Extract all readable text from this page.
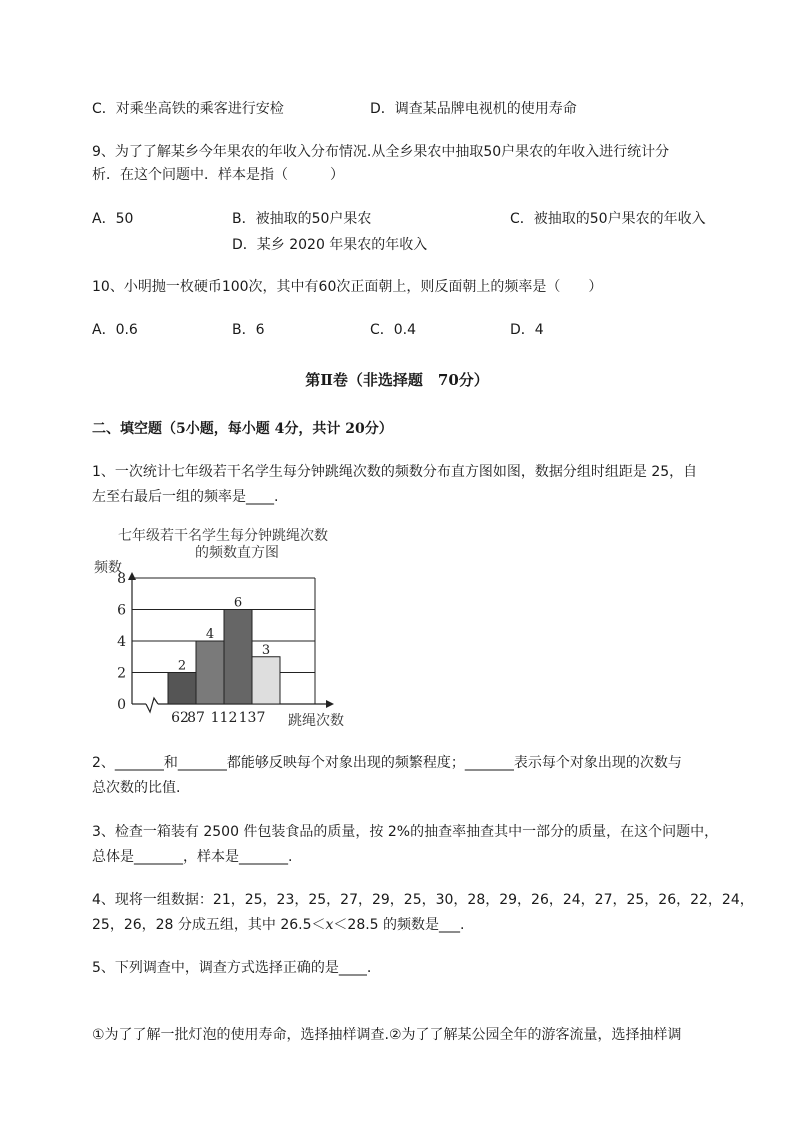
C．对乘坐高铁的乘客进行安检	D．调查某品牌电视机的使用寿命
9、为了了解某乡今年果农的年收入分布情况.从全乡果农中抽取50户果农的年收入进行统计分
析．在这个问题中．样本是指（　　　）
A．50	B．被抽取的50户果农	C．被抽取的50户果农的年收入
D．某乡 2020 年果农的年收入
10、小明抛一枚硬币100次，其中有60次正面朝上，则反面朝上的频率是（　　）
A．0.6	B．6	C．0.4	D．4
第Ⅱ卷（非选择题　70分）
二、填空题（5小题，每小题 4分，共计 20分）
1、一次统计七年级若干名学生每分钟跳绳次数的频数分布直方图如图，数据分组时组距是 25，自
左至右最后一组的频率是____.
七年级若干名学生每分钟跳绳次数
的频数直方图
频数
跳绳次数
0
2
4
6
8
2
62
4
87
6
112
3
137
2、_______和_______都能够反映每个对象出现的频繁程度；_______表示每个对象出现的次数与
总次数的比值.
3、检查一箱装有 2500 件包装食品的质量，按 2%的抽查率抽查其中一部分的质量，在这个问题中，
总体是_______，样本是_______.
4、现将一组数据：21，25，23，25，27，29，25，30，28，29，26，24，27，25，26，22，24，
25，26，28 分成五组，其中 26.5＜x＜28.5 的频数是___.
5、下列调查中，调查方式选择正确的是____.
①为了了解一批灯泡的使用寿命，选择抽样调查.②为了了解某公园全年的游客流量，选择抽样调
